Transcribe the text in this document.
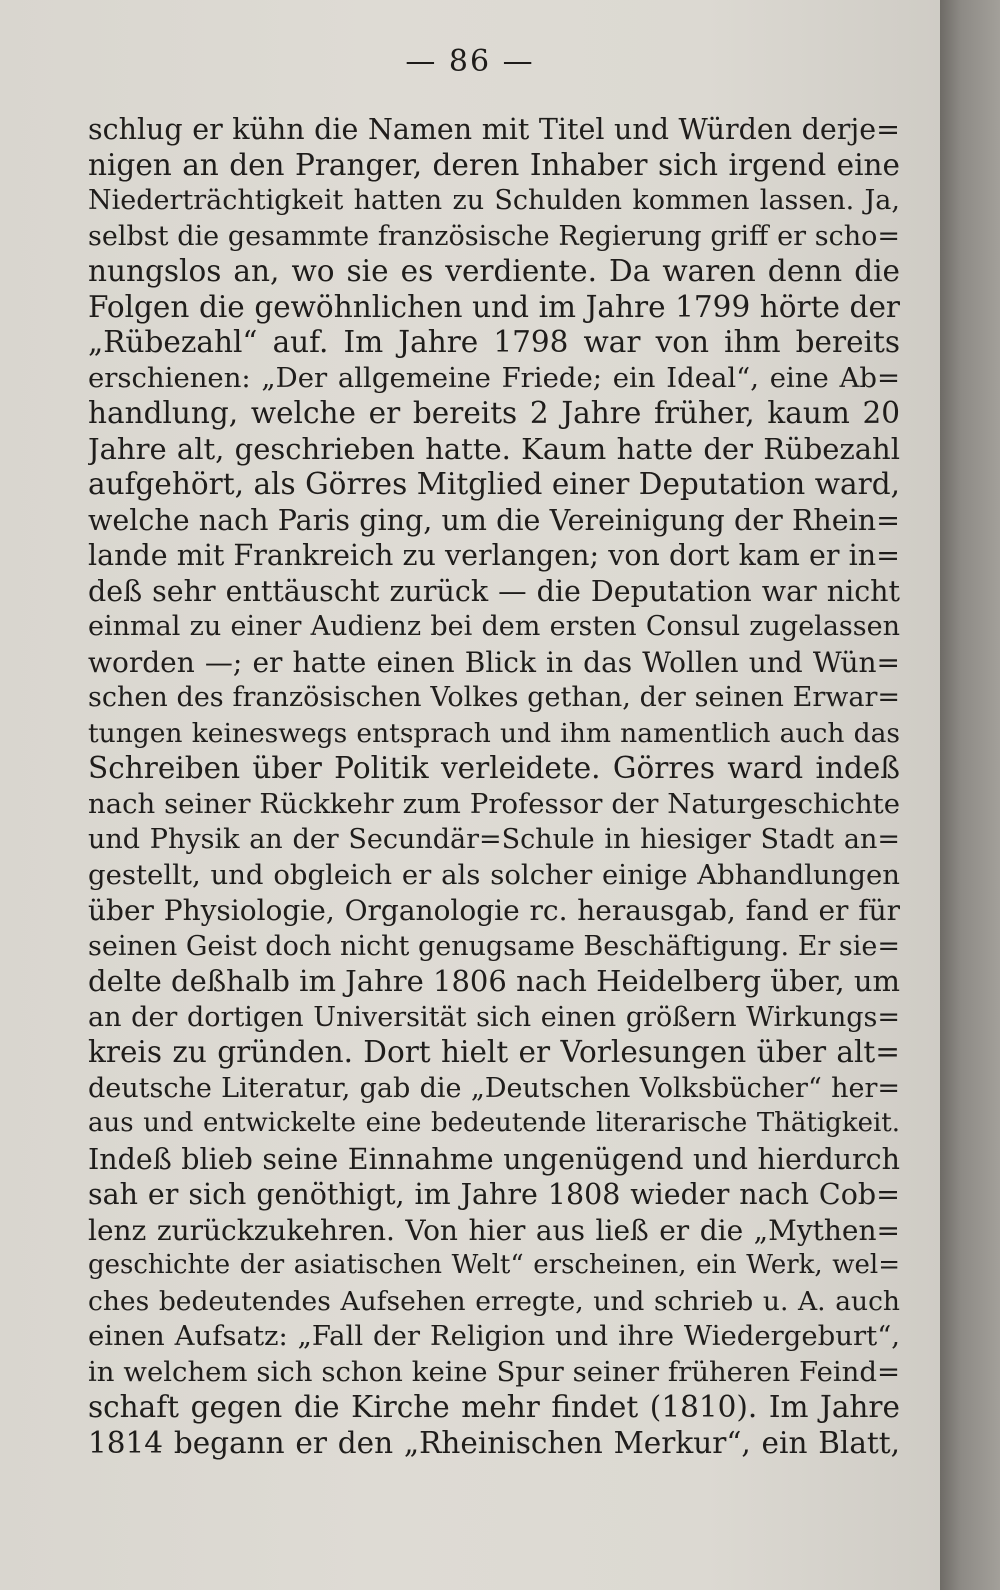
— 86 —
schlug er kühn die Namen mit Titel und Würden derje=
nigen an den Pranger, deren Inhaber sich irgend eine
Niederträchtigkeit hatten zu Schulden kommen lassen. Ja,
selbst die gesammte französische Regierung griff er scho=
nungslos an, wo sie es verdiente. Da waren denn die
Folgen die gewöhnlichen und im Jahre 1799 hörte der
„Rübezahl“ auf. Im Jahre 1798 war von ihm bereits
erschienen: „Der allgemeine Friede; ein Ideal“, eine Ab=
handlung, welche er bereits 2 Jahre früher, kaum 20
Jahre alt, geschrieben hatte. Kaum hatte der Rübezahl
aufgehört, als Görres Mitglied einer Deputation ward,
welche nach Paris ging, um die Vereinigung der Rhein=
lande mit Frankreich zu verlangen; von dort kam er in=
deß sehr enttäuscht zurück — die Deputation war nicht
einmal zu einer Audienz bei dem ersten Consul zugelassen
worden —; er hatte einen Blick in das Wollen und Wün=
schen des französischen Volkes gethan, der seinen Erwar=
tungen keineswegs entsprach und ihm namentlich auch das
Schreiben über Politik verleidete. Görres ward indeß
nach seiner Rückkehr zum Professor der Naturgeschichte
und Physik an der Secundär=Schule in hiesiger Stadt an=
gestellt, und obgleich er als solcher einige Abhandlungen
über Physiologie, Organologie rc. herausgab, fand er für
seinen Geist doch nicht genugsame Beschäftigung. Er sie=
delte deßhalb im Jahre 1806 nach Heidelberg über, um
an der dortigen Universität sich einen größern Wirkungs=
kreis zu gründen. Dort hielt er Vorlesungen über alt=
deutsche Literatur, gab die „Deutschen Volksbücher“ her=
aus und entwickelte eine bedeutende literarische Thätigkeit.
Indeß blieb seine Einnahme ungenügend und hierdurch
sah er sich genöthigt, im Jahre 1808 wieder nach Cob=
lenz zurückzukehren. Von hier aus ließ er die „Mythen=
geschichte der asiatischen Welt“ erscheinen, ein Werk, wel=
ches bedeutendes Aufsehen erregte, und schrieb u. A. auch
einen Aufsatz: „Fall der Religion und ihre Wiedergeburt“,
in welchem sich schon keine Spur seiner früheren Feind=
schaft gegen die Kirche mehr findet (1810). Im Jahre
1814 begann er den „Rheinischen Merkur“, ein Blatt,
